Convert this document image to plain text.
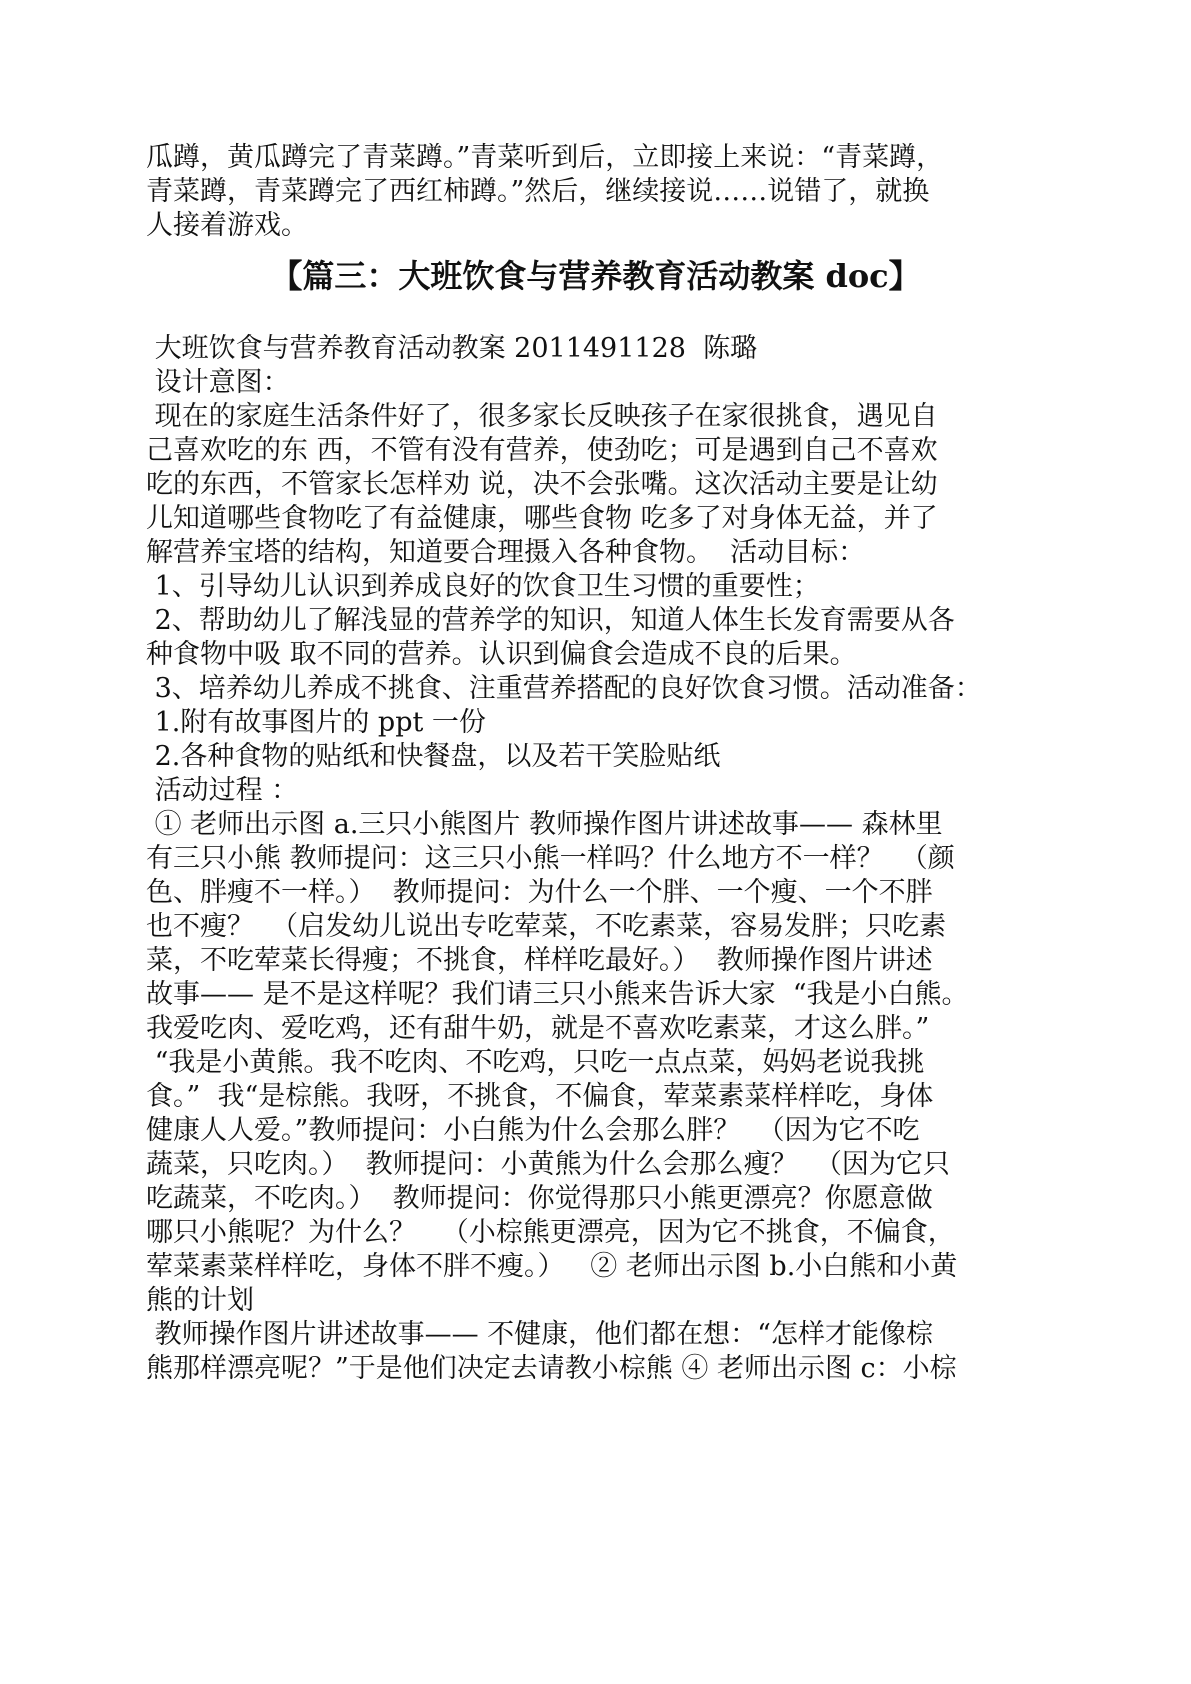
瓜蹲，黄瓜蹲完了青菜蹲。”青菜听到后，立即接上来说：“青菜蹲，

青菜蹲，青菜蹲完了西红柿蹲。”然后，继续接说……说错了，就换

人接着游戏。

【篇三：大班饮食与营养教育活动教案 doc】

大班饮食与营养教育活动教案 2011491128  陈璐

设计意图：

现在的家庭生活条件好了，很多家长反映孩子在家很挑食，遇见自

己喜欢吃的东 西，不管有没有营养，使劲吃；可是遇到自己不喜欢

吃的东西，不管家长怎样劝 说，决不会张嘴。这次活动主要是让幼

儿知道哪些食物吃了有益健康，哪些食物 吃多了对身体无益，并了

解营养宝塔的结构，知道要合理摄入各种食物。  活动目标：

1、引导幼儿认识到养成良好的饮食卫生习惯的重要性；

2、帮助幼儿了解浅显的营养学的知识，知道人体生长发育需要从各

种食物中吸 取不同的营养。认识到偏食会造成不良的后果。

3、培养幼儿养成不挑食、注重营养搭配的良好饮食习惯。活动准备：

1.附有故事图片的 ppt 一份

2.各种食物的贴纸和快餐盘，以及若干笑脸贴纸

活动过程 ：

① 老师出示图 a.三只小熊图片 教师操作图片讲述故事—— 森林里

有三只小熊 教师提问：这三只小熊一样吗？什么地方不一样？  （颜

色、胖瘦不一样。）  教师提问：为什么一个胖、一个瘦、一个不胖

也不瘦？  （启发幼儿说出专吃荤菜，不吃素菜，容易发胖；只吃素

菜，不吃荤菜长得瘦；不挑食，样样吃最好。）  教师操作图片讲述

故事—— 是不是这样呢？我们请三只小熊来告诉大家  “我是小白熊。

我爱吃肉、爱吃鸡，还有甜牛奶，就是不喜欢吃素菜，才这么胖。”

“我是小黄熊。我不吃肉、不吃鸡，只吃一点点菜，妈妈老说我挑

食。”  我“是棕熊。我呀，不挑食，不偏食，荤菜素菜样样吃，身体

健康人人爱。”教师提问：小白熊为什么会那么胖？  （因为它不吃

蔬菜，只吃肉。）  教师提问：小黄熊为什么会那么瘦？  （因为它只

吃蔬菜，不吃肉。）  教师提问：你觉得那只小熊更漂亮？你愿意做

哪只小熊呢？为什么？   （小棕熊更漂亮，因为它不挑食，不偏食，

荤菜素菜样样吃，身体不胖不瘦。）   ② 老师出示图 b.小白熊和小黄

熊的计划

教师操作图片讲述故事—— 不健康，他们都在想：“怎样才能像棕

熊那样漂亮呢？”于是他们决定去请教小棕熊 ④ 老师出示图 c：小棕
